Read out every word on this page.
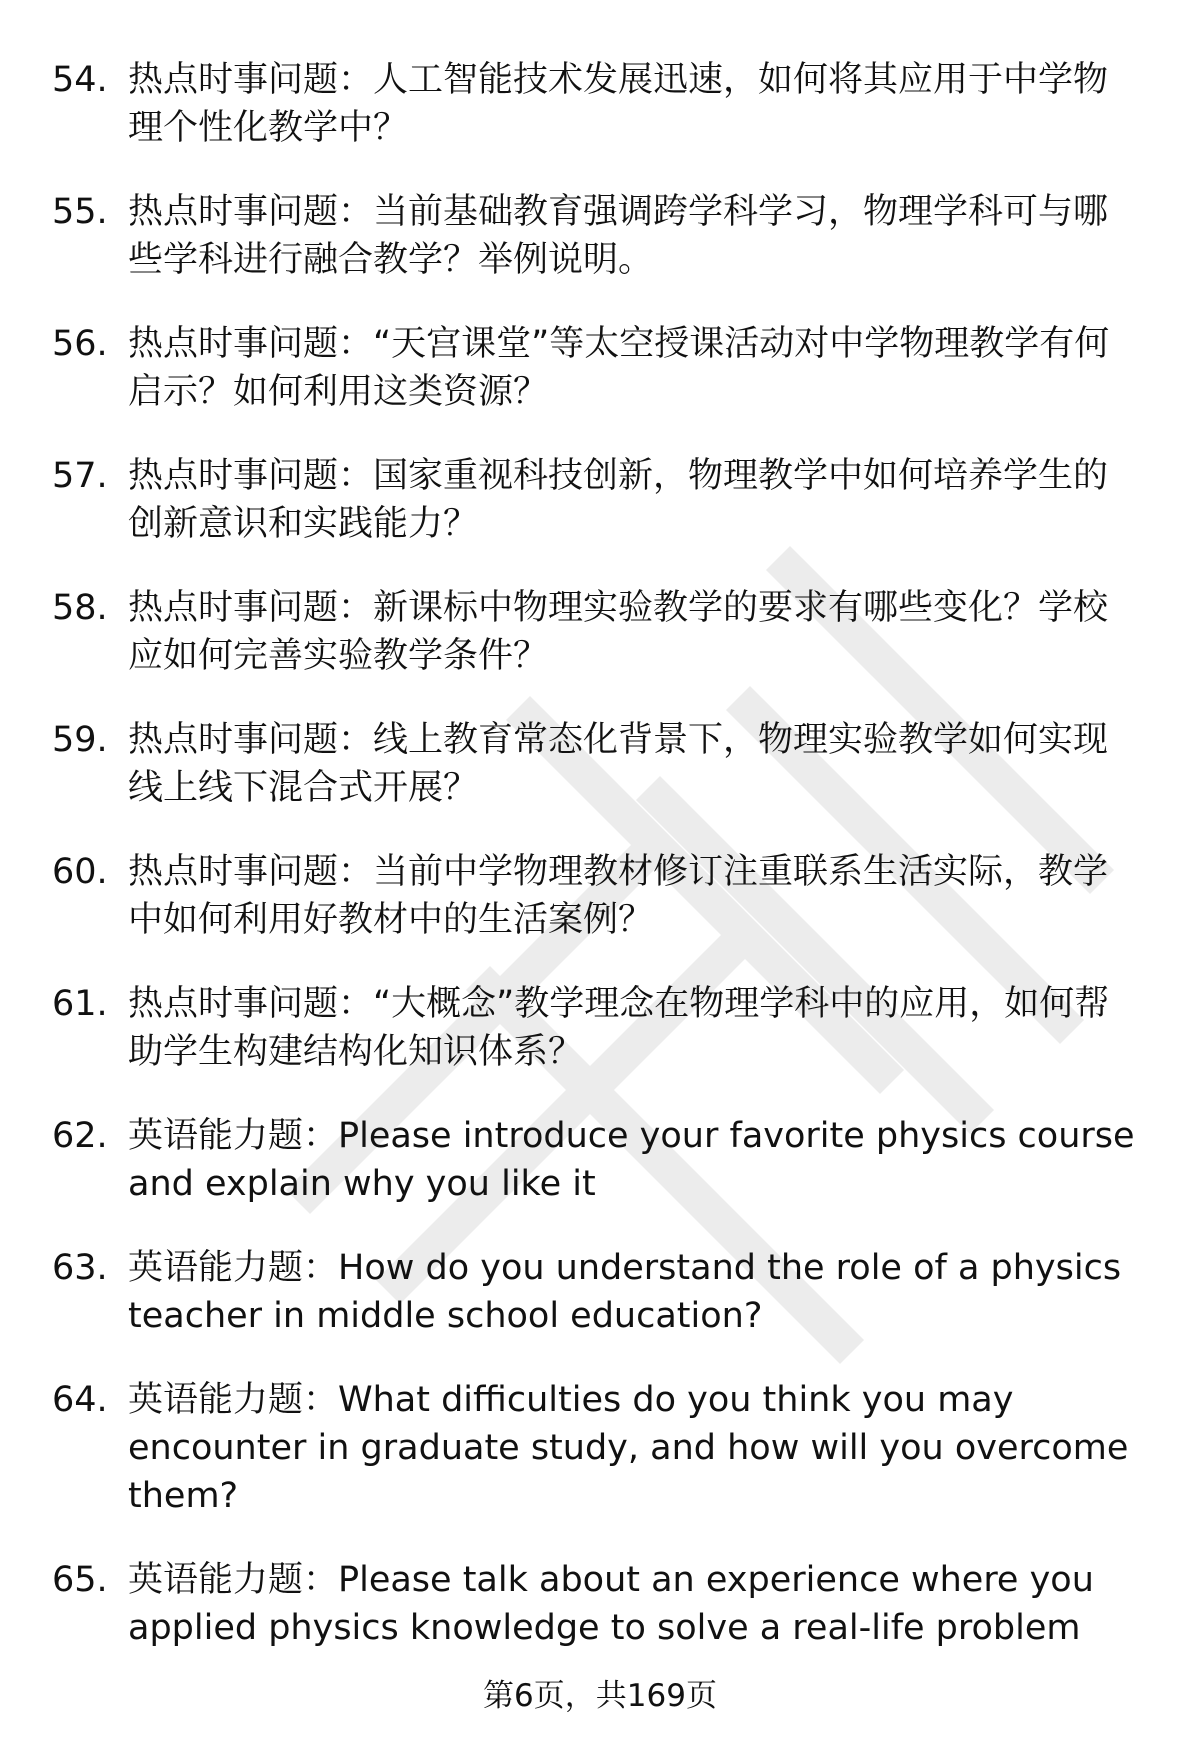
54. 热点时事问题：人工智能技术发展迅速，如何将其应用于中学物理个性化教学中？
55. 热点时事问题：当前基础教育强调跨学科学习，物理学科可与哪些学科进行融合教学？举例说明。
56. 热点时事问题：“天宫课堂”等太空授课活动对中学物理教学有何启示？如何利用这类资源？
57. 热点时事问题：国家重视科技创新，物理教学中如何培养学生的创新意识和实践能力？
58. 热点时事问题：新课标中物理实验教学的要求有哪些变化？学校应如何完善实验教学条件？
59. 热点时事问题：线上教育常态化背景下，物理实验教学如何实现线上线下混合式开展？
60. 热点时事问题：当前中学物理教材修订注重联系生活实际，教学中如何利用好教材中的生活案例？
61. 热点时事问题：“大概念”教学理念在物理学科中的应用，如何帮助学生构建结构化知识体系？
62. 英语能力题：Please introduce your favorite physics course and explain why you like it
63. 英语能力题：How do you understand the role of a physics teacher in middle school education?
64. 英语能力题：What difficulties do you think you may encounter in graduate study, and how will you overcome them?
65. 英语能力题：Please talk about an experience where you applied physics knowledge to solve a real-life problem
第6页，共169页
